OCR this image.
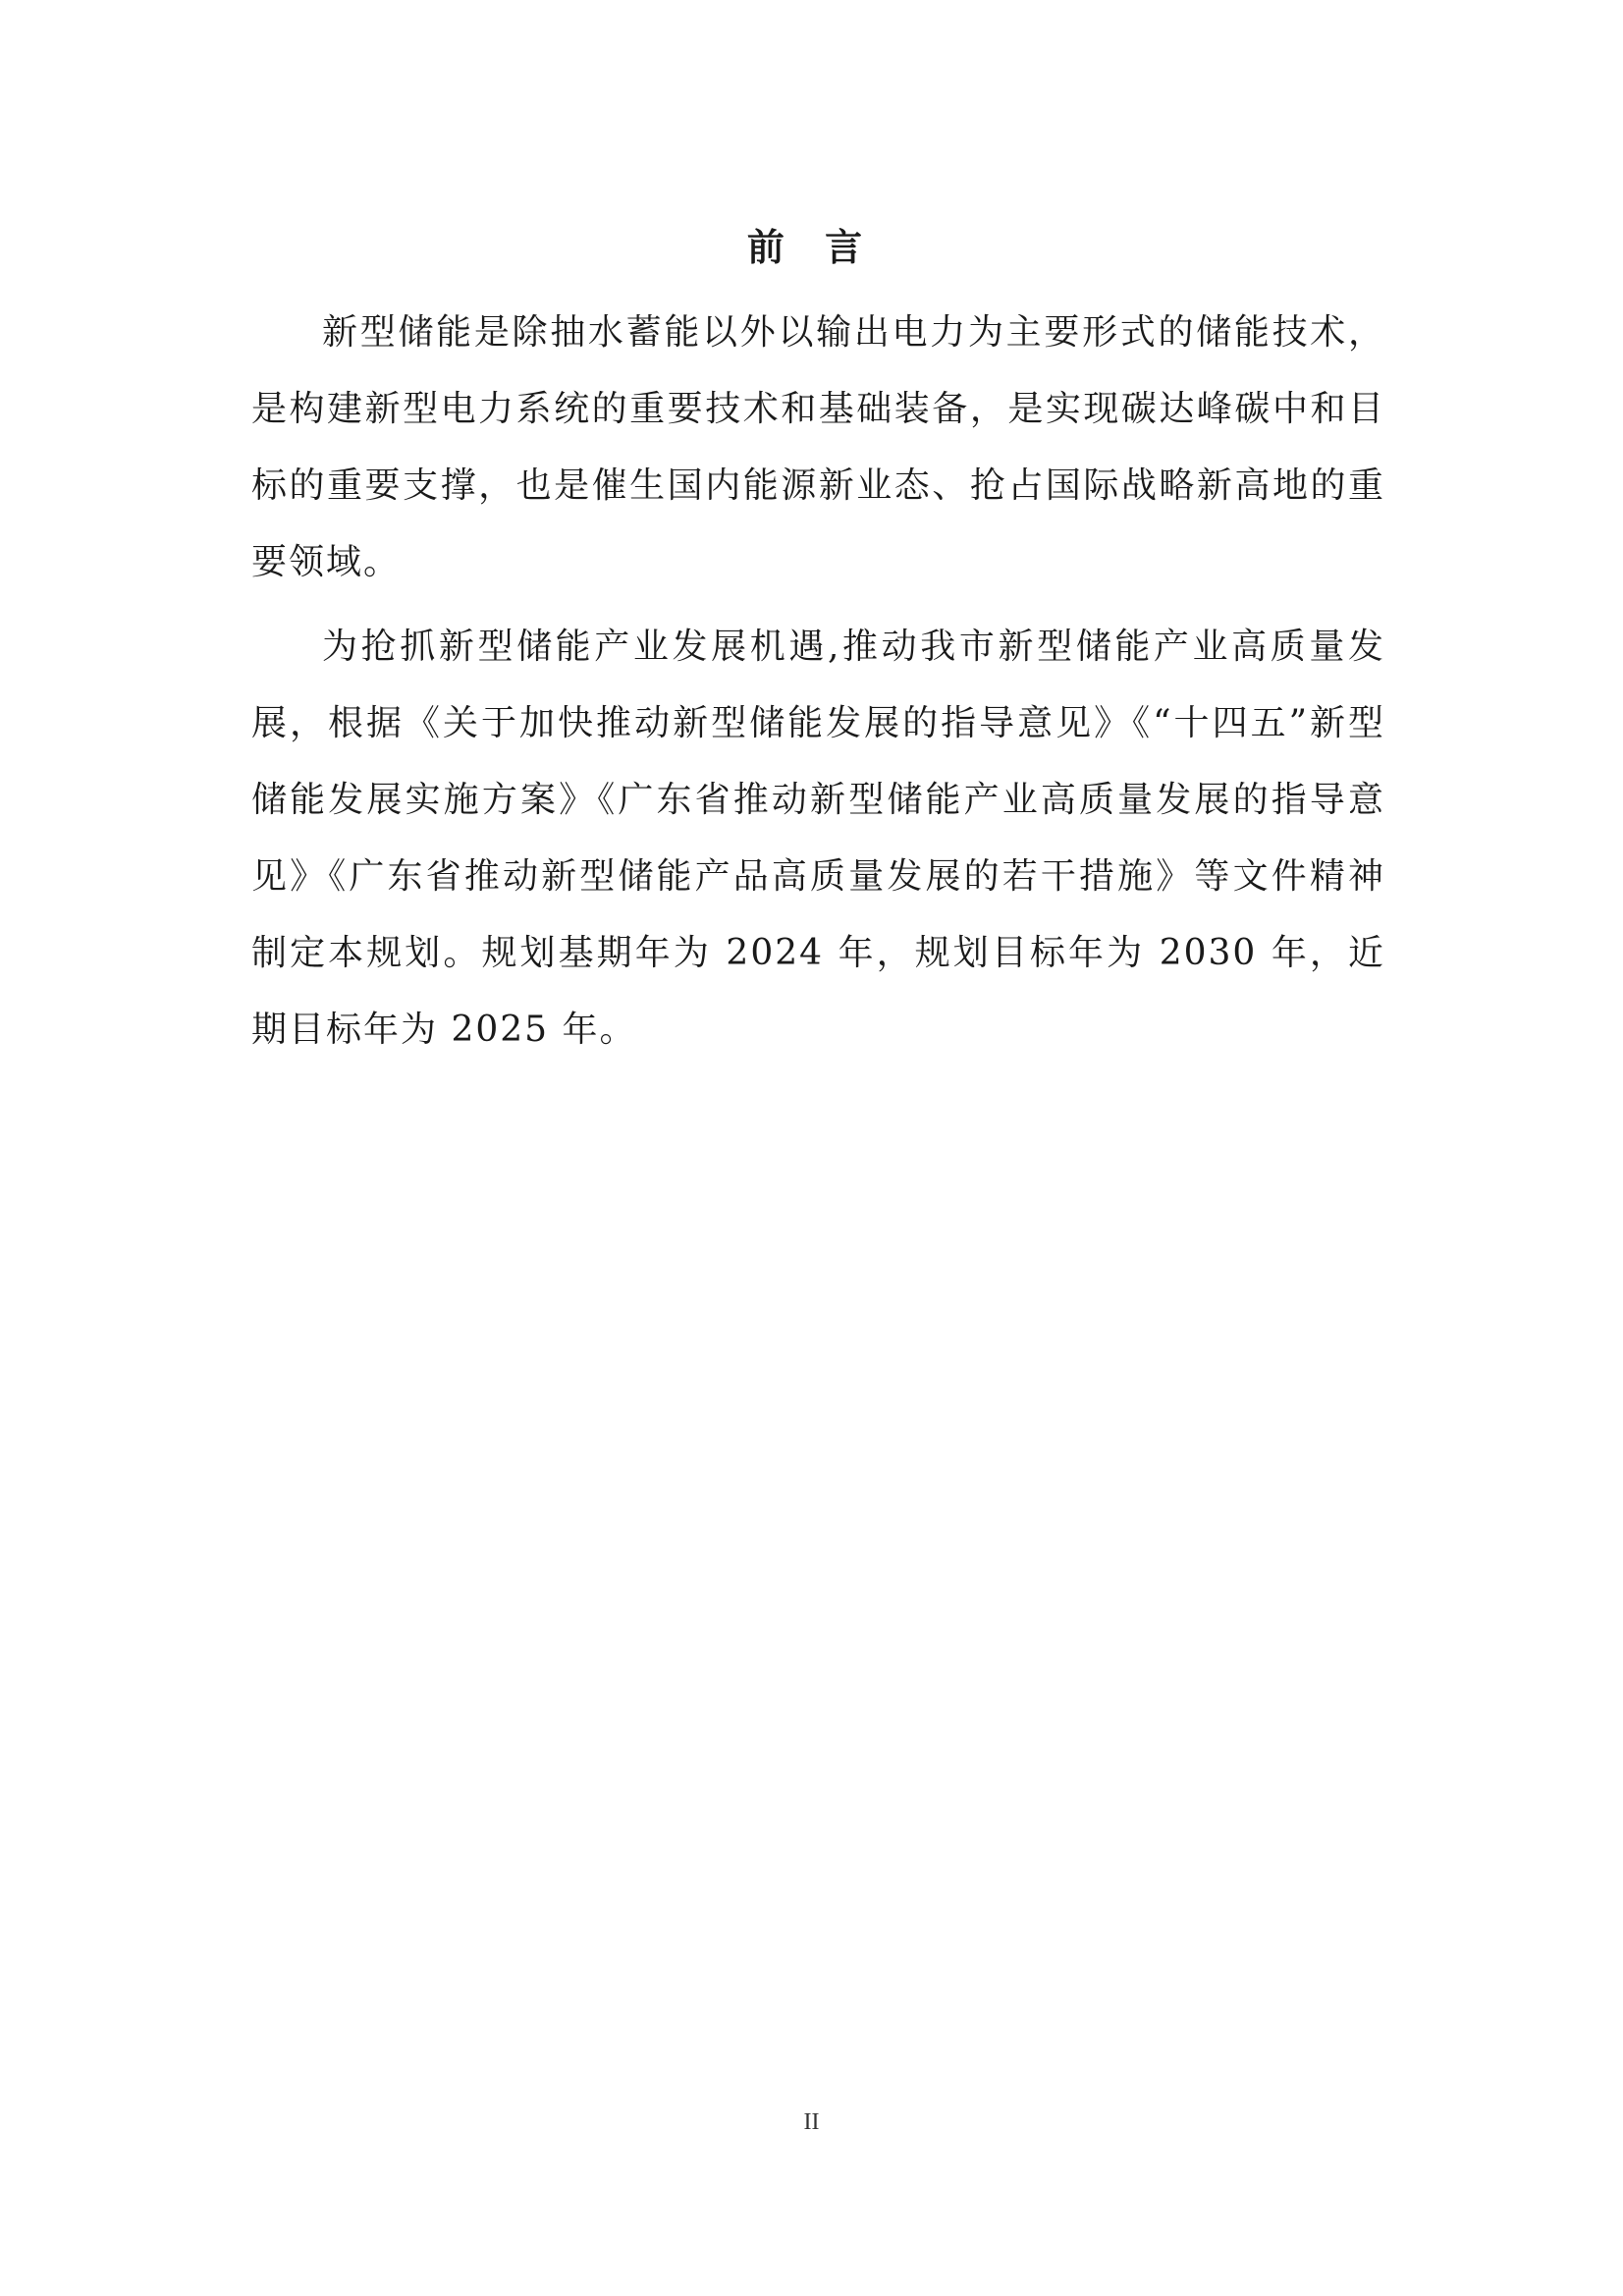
前 言

新型储能是除抽水蓄能以外以输出电力为主要形式的储能技术，是构建新型电力系统的重要技术和基础装备，是实现碳达峰碳中和目标的重要支撑，也是催生国内能源新业态、抢占国际战略新高地的重要领域。

为抢抓新型储能产业发展机遇,推动我市新型储能产业高质量发展，根据《关于加快推动新型储能发展的指导意见》《“十四五”新型储能发展实施方案》《广东省推动新型储能产业高质量发展的指导意见》《广东省推动新型储能产品高质量发展的若干措施》等文件精神制定本规划。规划基期年为 2024 年，规划目标年为 2030 年，近期目标年为 2025 年。

II
